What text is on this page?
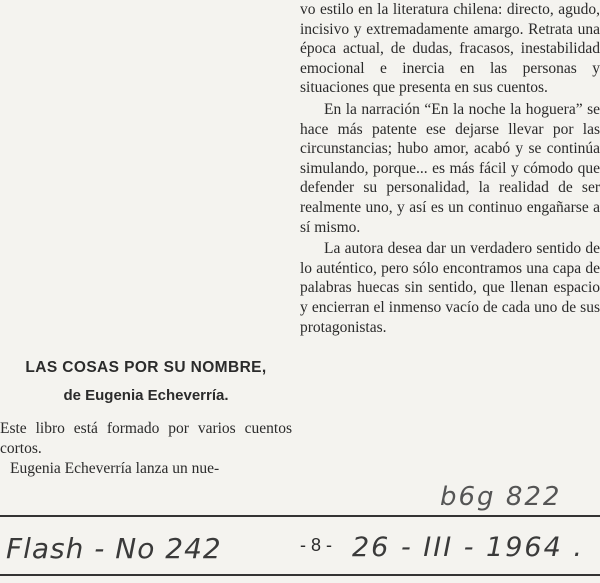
vo estilo en la literatura chilena: directo, agudo, incisivo y extremadamente amargo. Retrata una época actual, de dudas, fracasos, inestabilidad emocional e inercia en las personas y situaciones que presenta en sus cuentos.

En la narración “En la noche la hoguera” se hace más patente ese dejarse llevar por las circunstancias; hubo amor, acabó y se continúa simulando, porque... es más fácil y cómodo que defender su personalidad, la realidad de ser realmente uno, y así es un continuo engañarse a sí mismo.

La autora desea dar un verdadero sentido de lo auténtico, pero sólo encontramos una capa de palabras huecas sin sentido, que llenan espacio y encierran el inmenso vacío de cada uno de sus protagonistas.

LAS COSAS POR SU NOMBRE,
de Eugenia Echeverría.

Este libro está formado por varios cuentos cortos.

Eugenia Echeverría lanza un nue-

b6g 822
Flash - No 242	- 8 - 26 - III - 1964 .
